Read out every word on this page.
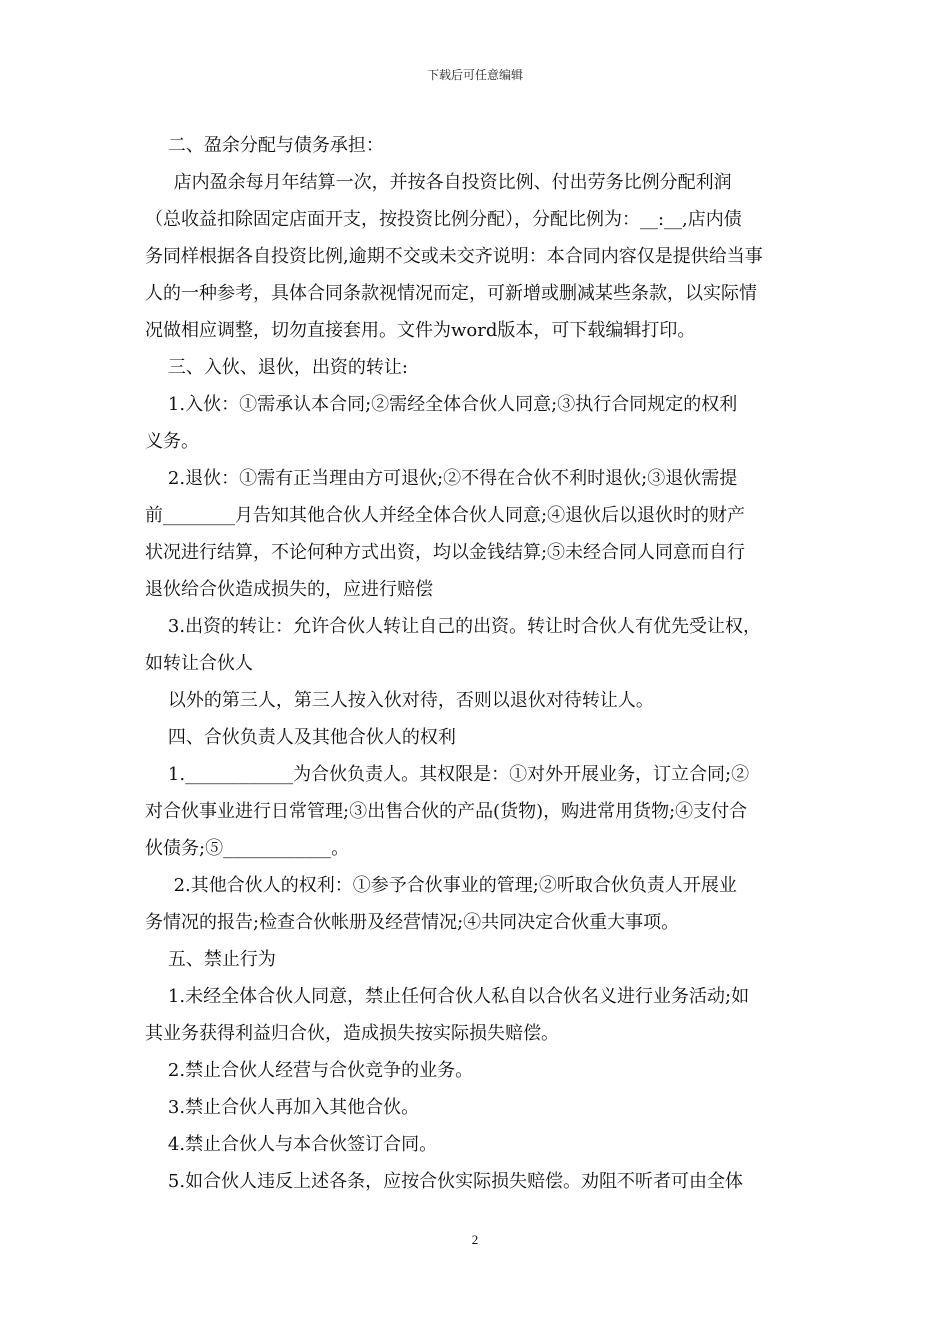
下载后可任意编辑

二、盈余分配与债务承担：

店内盈余每月年结算一次，并按各自投资比例、付出劳务比例分配利润

（总收益扣除固定店面开支，按投资比例分配），分配比例为：__:__,店内债

务同样根据各自投资比例,逾期不交或未交齐说明：本合同内容仅是提供给当事

人的一种参考，具体合同条款视情况而定，可新增或删减某些条款，以实际情

况做相应调整，切勿直接套用。文件为word版本，可下载编辑打印。

三、入伙、退伙，出资的转让:

1.入伙：①需承认本合同;②需经全体合伙人同意;③执行合同规定的权利

义务。

2.退伙：①需有正当理由方可退伙;②不得在合伙不利时退伙;③退伙需提

前________月告知其他合伙人并经全体合伙人同意;④退伙后以退伙时的财产

状况进行结算，不论何种方式出资，均以金钱结算;⑤未经合同人同意而自行

退伙给合伙造成损失的，应进行赔偿

3.出资的转让：允许合伙人转让自己的出资。转让时合伙人有优先受让权，

如转让合伙人

以外的第三人，第三人按入伙对待，否则以退伙对待转让人。

四、合伙负责人及其他合伙人的权利

1.____________为合伙负责人。其权限是：①对外开展业务，订立合同;②

对合伙事业进行日常管理;③出售合伙的产品(货物)，购进常用货物;④支付合

伙债务;⑤____________。

2.其他合伙人的权利：①参予合伙事业的管理;②听取合伙负责人开展业

务情况的报告;检查合伙帐册及经营情况;④共同决定合伙重大事项。

五、禁止行为

1.未经全体合伙人同意，禁止任何合伙人私自以合伙名义进行业务活动;如

其业务获得利益归合伙，造成损失按实际损失赔偿。

2.禁止合伙人经营与合伙竞争的业务。

3.禁止合伙人再加入其他合伙。

4.禁止合伙人与本合伙签订合同。

5.如合伙人违反上述各条，应按合伙实际损失赔偿。劝阻不听者可由全体

2
